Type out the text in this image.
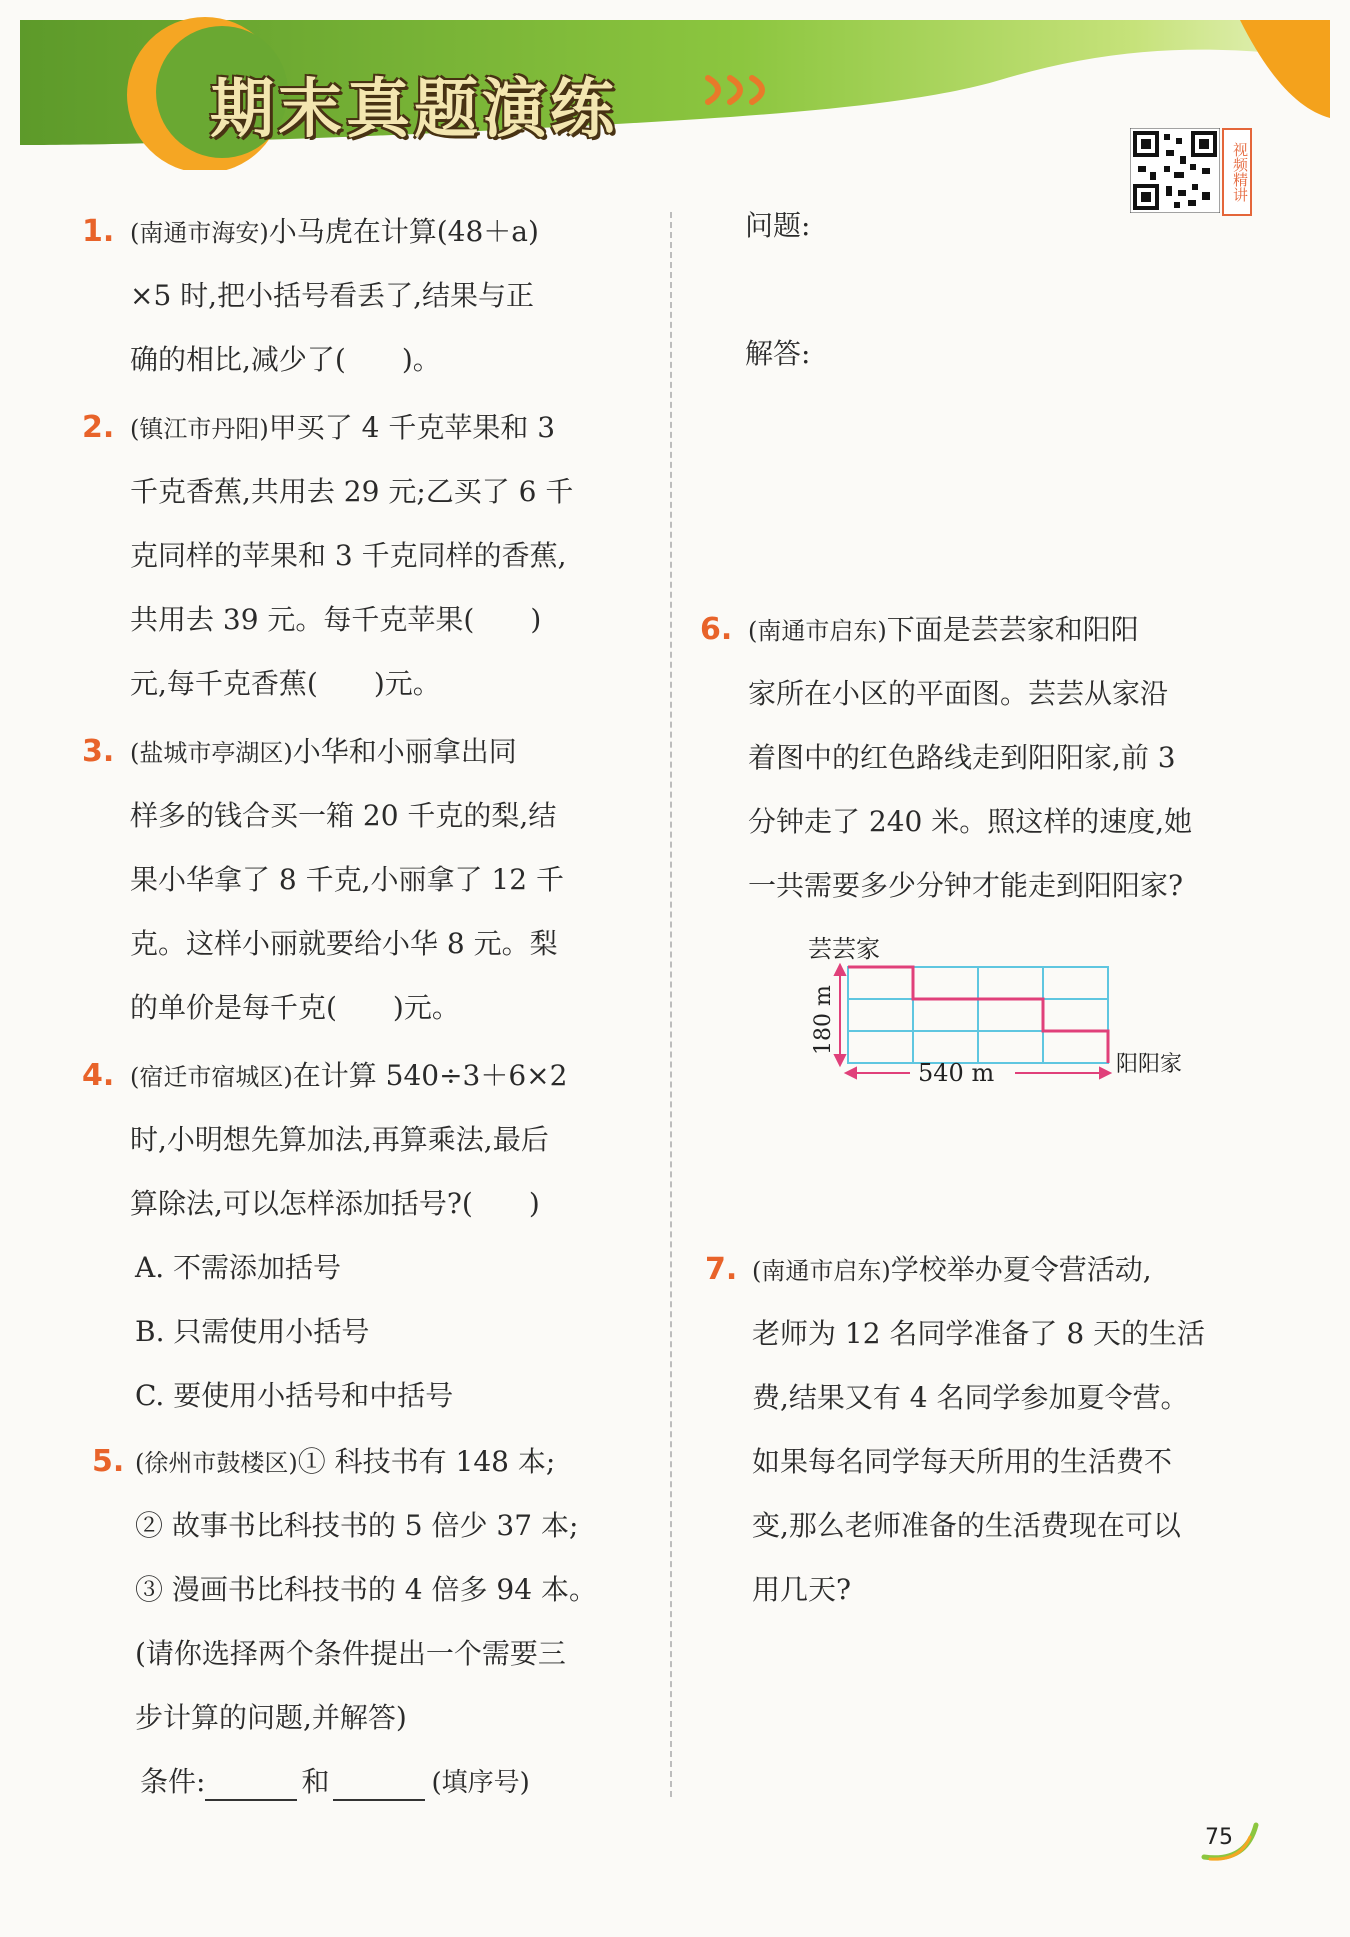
期末真题演练
视频精讲
1. (南通市海安)小马虎在计算(48＋a)
×5 时,把小括号看丢了,结果与正
确的相比,减少了(　　)。
2. (镇江市丹阳)甲买了 4 千克苹果和 3
千克香蕉,共用去 29 元;乙买了 6 千
克同样的苹果和 3 千克同样的香蕉,
共用去 39 元。每千克苹果(　　)
元,每千克香蕉(　　)元。
3. (盐城市亭湖区)小华和小丽拿出同
样多的钱合买一箱 20 千克的梨,结
果小华拿了 8 千克,小丽拿了 12 千
克。这样小丽就要给小华 8 元。梨
的单价是每千克(　　)元。
4. (宿迁市宿城区)在计算 540÷3＋6×2
时,小明想先算加法,再算乘法,最后
算除法,可以怎样添加括号?(　　)
A. 不需添加括号
B. 只需使用小括号
C. 要使用小括号和中括号
5. (徐州市鼓楼区)① 科技书有 148 本;
② 故事书比科技书的 5 倍少 37 本;
③ 漫画书比科技书的 4 倍多 94 本。
(请你选择两个条件提出一个需要三
步计算的问题,并解答)
条件:	和	(填序号)
问题:
解答:
6. (南通市启东)下面是芸芸家和阳阳
家所在小区的平面图。芸芸从家沿
着图中的红色路线走到阳阳家,前 3
分钟走了 240 米。照这样的速度,她
一共需要多少分钟才能走到阳阳家?
芸芸家
180 m
540 m	阳阳家
7. (南通市启东)学校举办夏令营活动,
老师为 12 名同学准备了 8 天的生活
费,结果又有 4 名同学参加夏令营。
如果每名同学每天所用的生活费不
变,那么老师准备的生活费现在可以
用几天?
75
